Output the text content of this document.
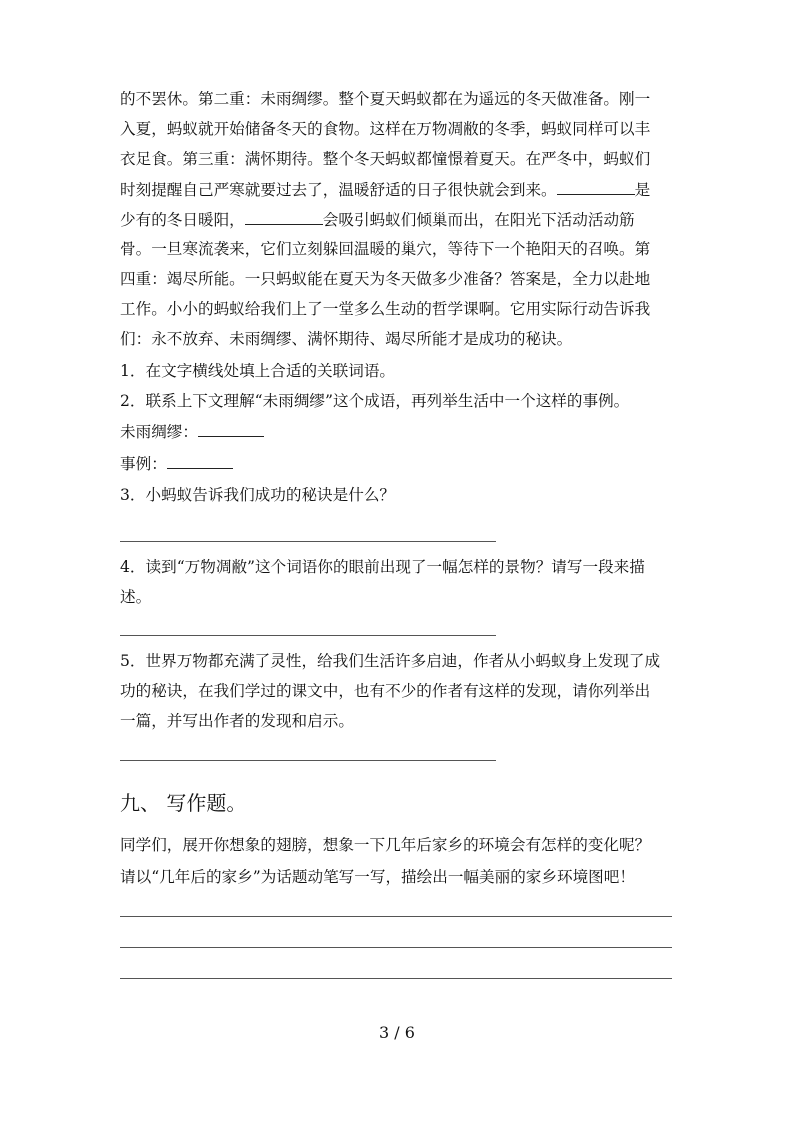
的不罢休。第二重：未雨绸缪。整个夏天蚂蚁都在为遥远的冬天做准备。刚一
入夏，蚂蚁就开始储备冬天的食物。这样在万物凋敝的冬季，蚂蚁同样可以丰
衣足食。第三重：满怀期待。整个冬天蚂蚁都憧憬着夏天。在严冬中，蚂蚁们
时刻提醒自己严寒就要过去了，温暖舒适的日子很快就会到来。	是
少有的冬日暖阳，	会吸引蚂蚁们倾巢而出，在阳光下活动活动筋
骨。一旦寒流袭来，它们立刻躲回温暖的巢穴，等待下一个艳阳天的召唤。第
四重：竭尽所能。一只蚂蚁能在夏天为冬天做多少准备？答案是，全力以赴地
工作。小小的蚂蚁给我们上了一堂多么生动的哲学课啊。它用实际行动告诉我
们：永不放弃、未雨绸缪、满怀期待、竭尽所能才是成功的秘诀。
1．在文字横线处填上合适的关联词语。
2．联系上下文理解“未雨绸缪”这个成语，再列举生活中一个这样的事例。
未雨绸缪：
事例：
3．小蚂蚁告诉我们成功的秘诀是什么？
4．读到“万物凋敝”这个词语你的眼前出现了一幅怎样的景物？请写一段来描
述。
5．世界万物都充满了灵性，给我们生活许多启迪，作者从小蚂蚁身上发现了成
功的秘诀，在我们学过的课文中，也有不少的作者有这样的发现，请你列举出
一篇，并写出作者的发现和启示。
九、 写作题。
同学们，展开你想象的翅膀，想象一下几年后家乡的环境会有怎样的变化呢？
请以“几年后的家乡”为话题动笔写一写，描绘出一幅美丽的家乡环境图吧！
3 / 6
